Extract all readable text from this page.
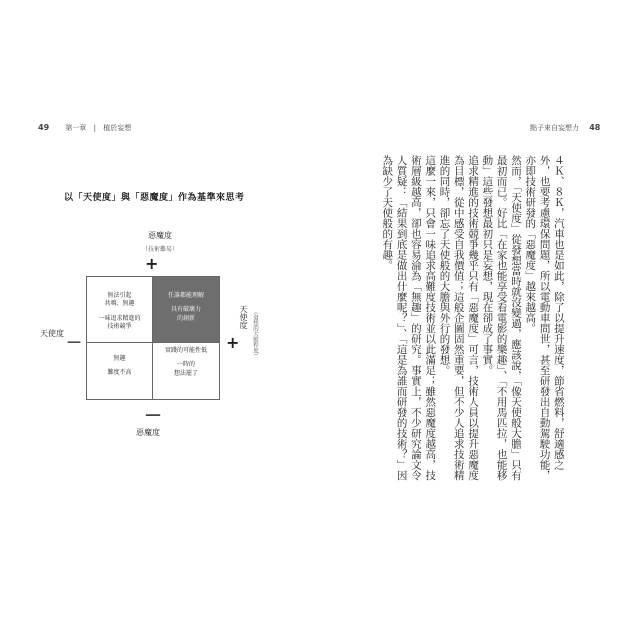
49 第一章 | 植於妄想
以「天使度」與「惡魔度」作為基準來思考
惡魔度
（技術難易）
+
天使度 －	+
天使度 （發想的大膽程度）
無法引起
共鳴、無趣
一味追求精進的
技術競爭
任誰都能理解
具有破壞力
的創新
無趣
難度不高
實踐的可能性低
一時的
想法罷了
－
惡魔度
點子來自妄想力 48

４Ｋ、８Ｋ，汽車也是如此，除了以提升速度，節省燃料，舒適感之外，也要考慮環保問題，所以電動車問世，甚至研發出自動駕駛功能，亦即技術研發的「惡魔度」越來越高。

然而，「天使度」從發想當時就沒變過，應該說，「像天使般大膽」只有最初而已。好比「在家也能享受看電影的樂趣」、「不用馬匹拉，也能移動」這些發想最初只是妄想，現在卻成了事實。

追求精進的技術競爭幾乎只有「惡魔度」可言，技術人員以提升惡魔度為目標，從中感受自我價值；這般企圖固然重要，但不少人追求技術精進的同時，卻忘了天使般的大膽與外行的發想。

這麼一來，只會一味追求高難度技術並以此滿足；雖然惡魔度越高，技術層級越高，卻也容易淪為「無趣」的研究。事實上，不少研究論文令人質疑：「結果到底是做出什麼呢？」、「這是為誰而研發的技術？」因為缺少了天使般的有趣。
